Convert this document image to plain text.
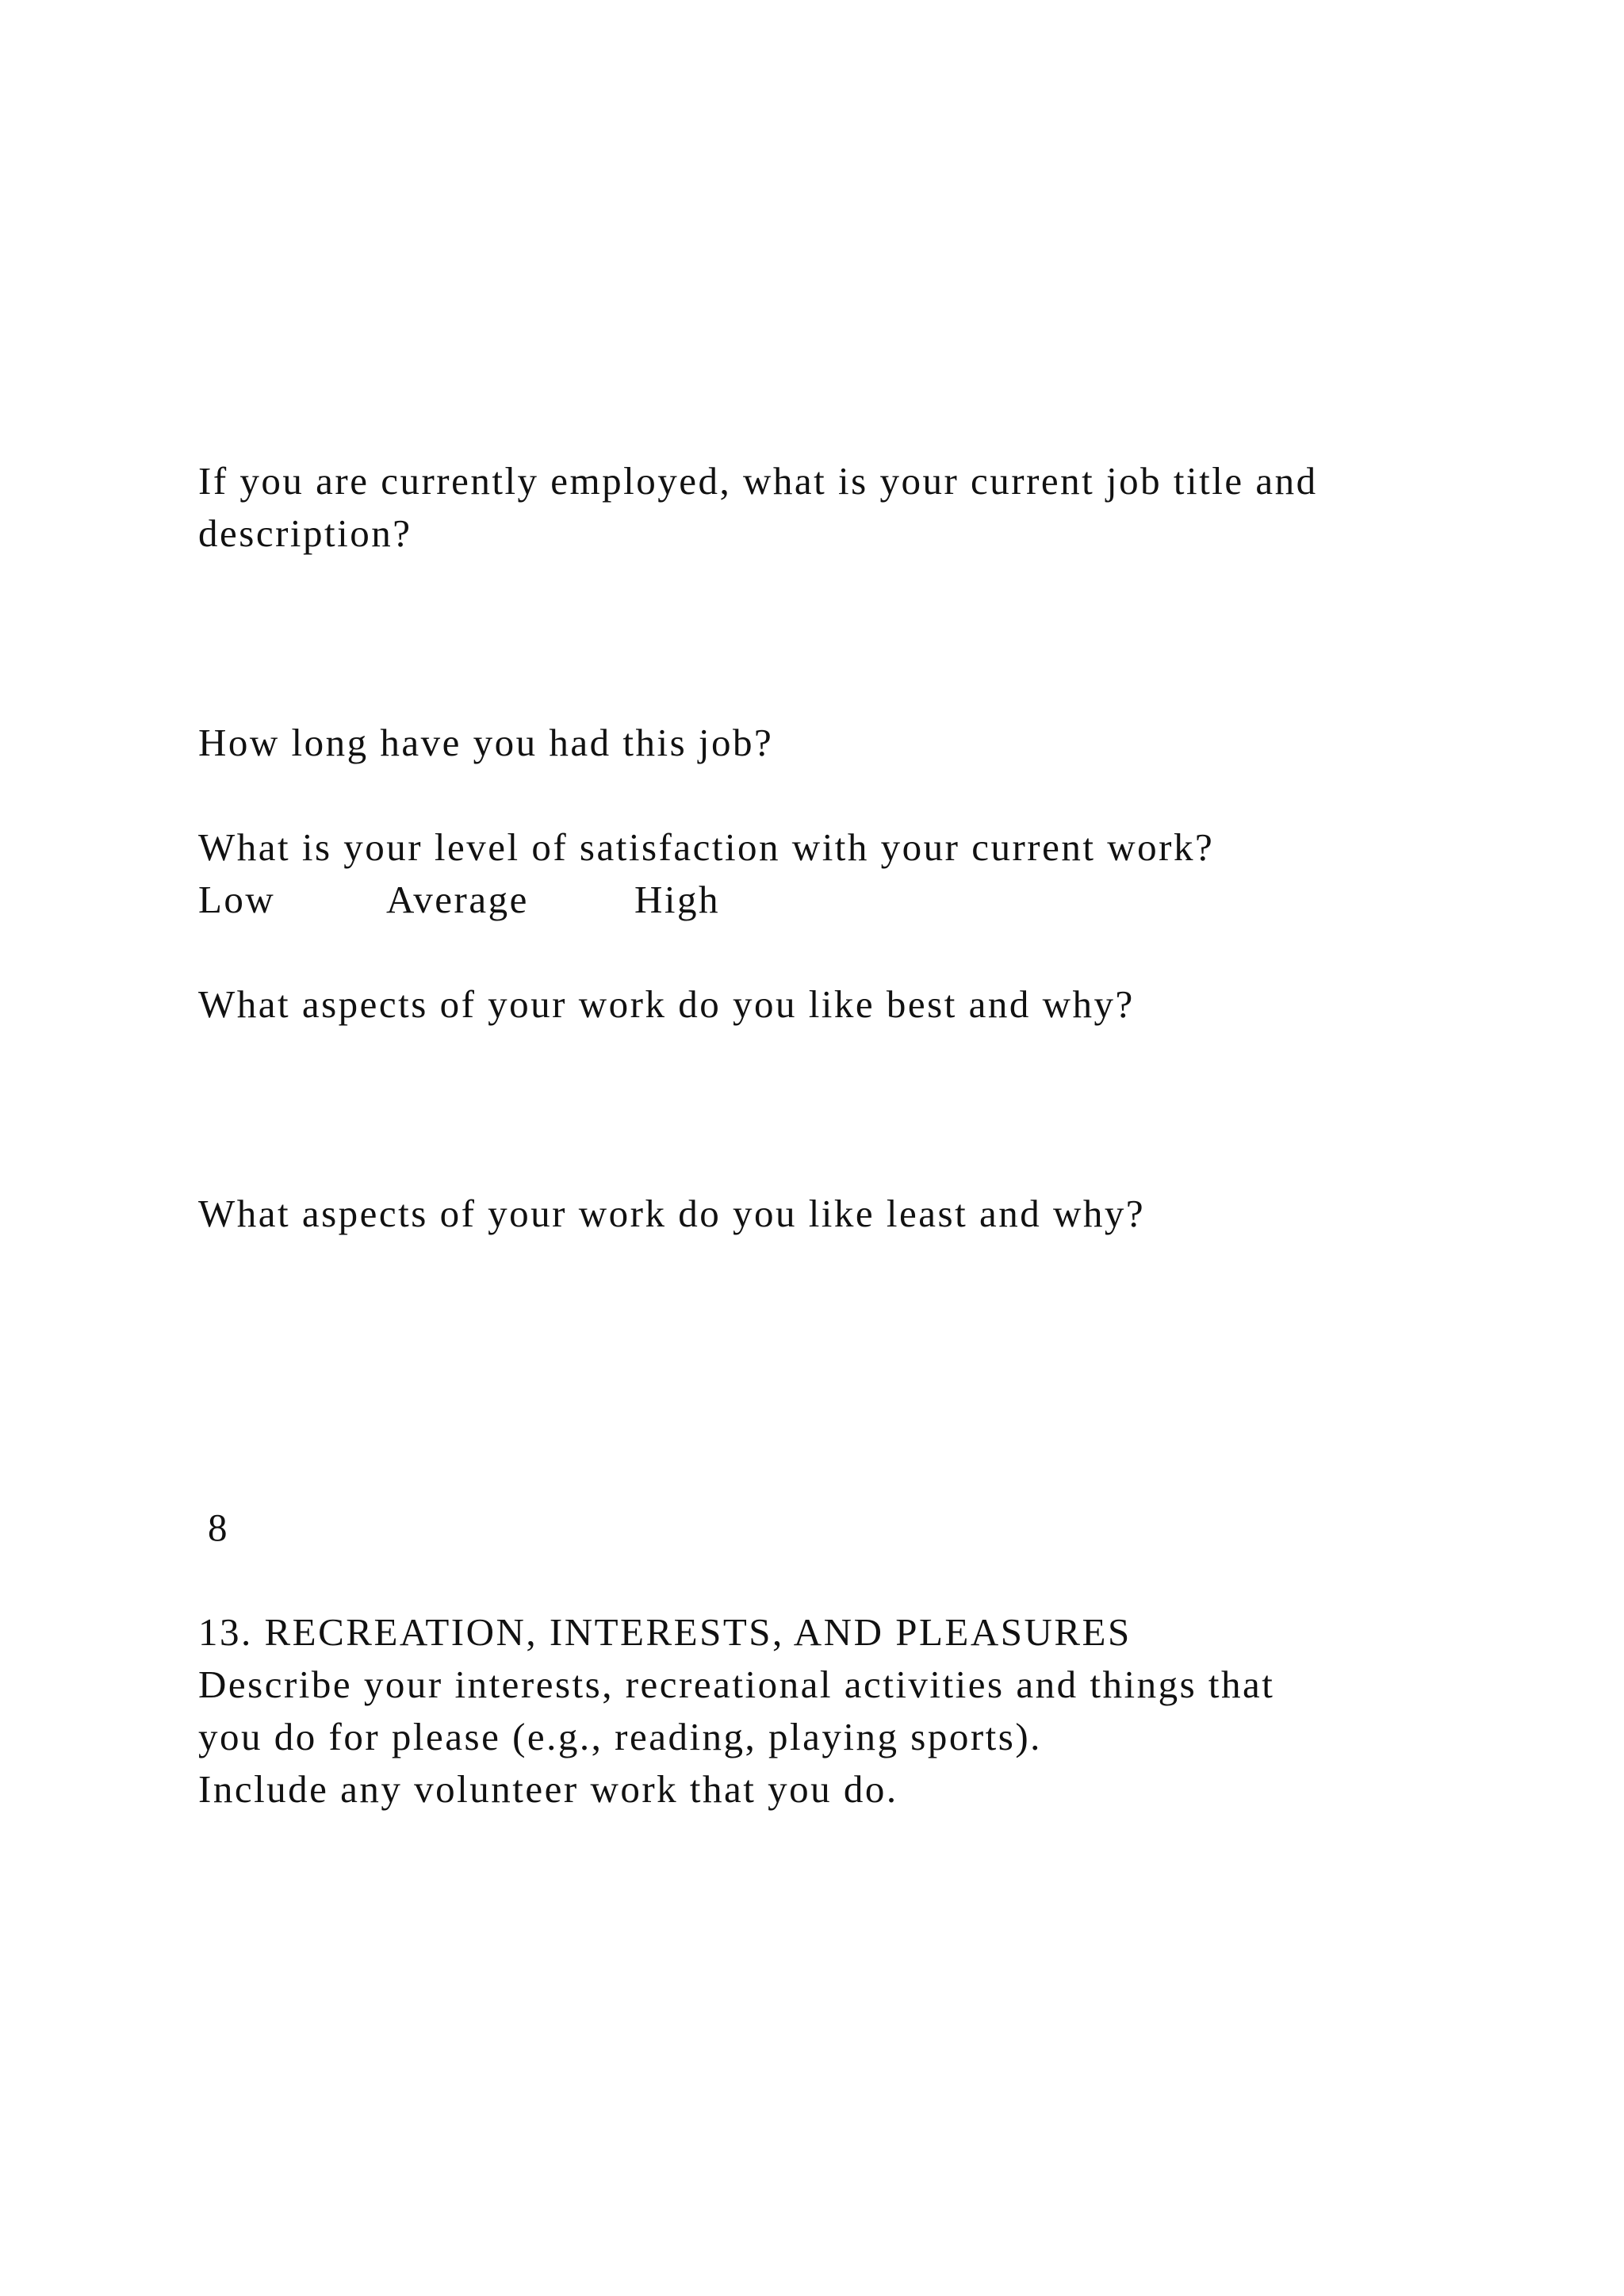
If you are currently employed, what is your current job title and
description?
How long have you had this job?
What is your level of satisfaction with your current work?
Low	Average	High
What aspects of your work do you like best and why?
What aspects of your work do you like least and why?
8
13. RECREATION, INTERESTS, AND PLEASURES
Describe your interests, recreational activities and things that
you do for please (e.g., reading, playing sports).
Include any volunteer work that you do.
